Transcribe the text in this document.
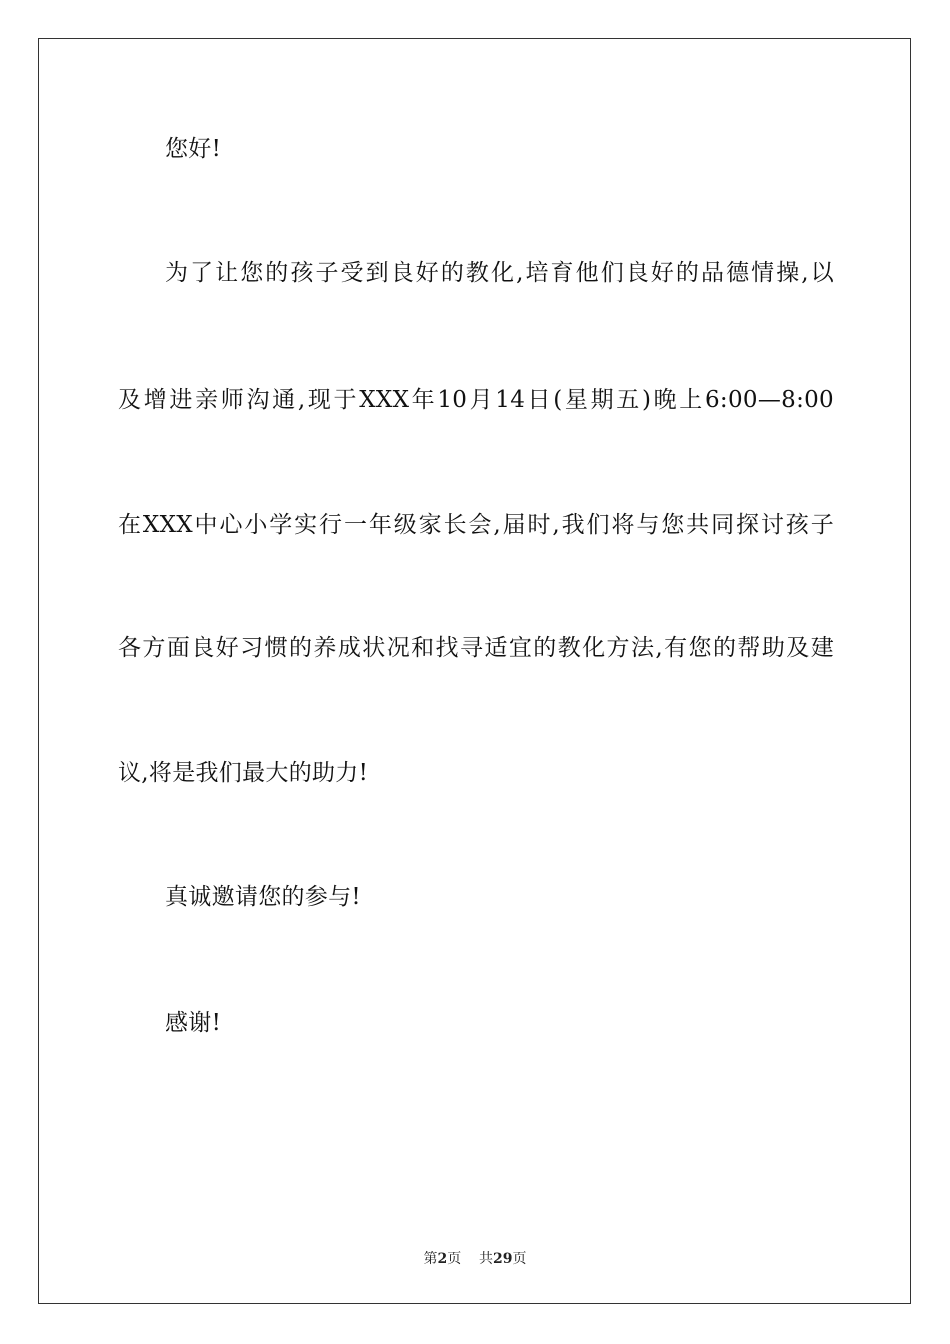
您好!
为了让您的孩子受到良好的教化,培育他们良好的品德情操,以
及增进亲师沟通,现于XXX年10月14日(星期五)晚上6:00—8:00
在XXX中心小学实行一年级家长会,届时,我们将与您共同探讨孩子
各方面良好习惯的养成状况和找寻适宜的教化方法,有您的帮助及建
议,将是我们最大的助力!
真诚邀请您的参与!
感谢!
第2页 共29页
